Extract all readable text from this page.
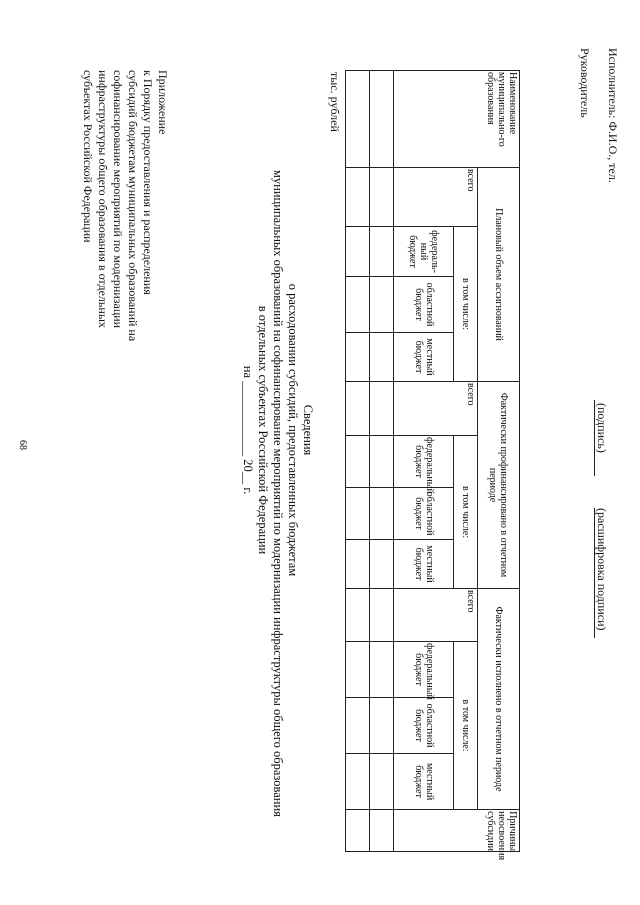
68
Приложение
к Порядку предоставления и распределения
субсидий бюджетам муниципальных образований на
софинансирование мероприятий по модернизации
инфраструктуры общего образования в отдельных
субъектах Российской Федерации
Сведения
о расходовании субсидий, предоставленных бюджетам
муниципальных образований на софинансирование мероприятий по модернизации инфраструктуры общего образования
в отдельных субъектах Российской Федерации
на ____________ 20__ г.
тыс. рублей	Наименование муниципально-го образования	Плановый объем ассигнований				Фактически профинансировано в отчетном периоде				Фактически исполнено в отчетном периоде				Причины неосвоения субсидии
	всего	в том числе:			всего	в том числе:			всего	в том числе:			
		федераль-ный бюджет	областной бюджет	местный бюджет		федеральный бюджет	областной бюджет	местный бюджет		федеральный бюджет	областной бюджет	местный бюджет	

Руководитель
(подпись)
(расшифровка подписи)
Исполнитель: Ф.И.О., тел.
